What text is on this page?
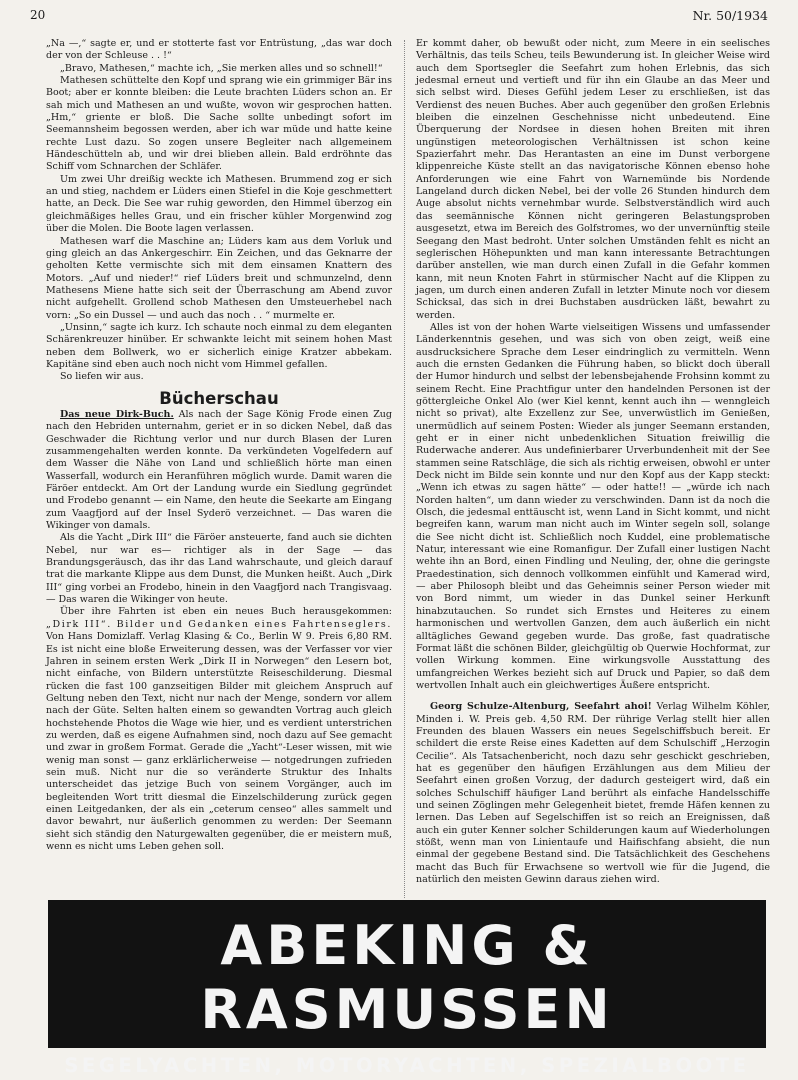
20	Nr. 50/1934

„Na —,“ sagte er, und er stotterte fast vor Entrüstung, „das war doch der von der Schleuse . . !“

„Bravo, Mathesen,“ machte ich, „Sie merken alles und so schnell!“

Mathesen schüttelte den Kopf und sprang wie ein grimmiger Bär ins Boot; aber er konnte bleiben: die Leute brachten Lüders schon an. Er sah mich und Mathesen an und wußte, wovon wir gesprochen hatten. „Hm,“ griente er bloß. Die Sache sollte unbedingt sofort im Seemannsheim begossen werden, aber ich war müde und hatte keine rechte Lust dazu. So zogen unsere Begleiter nach allgemeinem Händeschütteln ab, und wir drei blieben allein. Bald erdröhnte das Schiff vom Schnarchen der Schläfer.

Um zwei Uhr dreißig weckte ich Mathesen. Brummend zog er sich an und stieg, nachdem er Lüders einen Stiefel in die Koje geschmettert hatte, an Deck. Die See war ruhig geworden, den Himmel überzog ein gleichmäßiges helles Grau, und ein frischer kühler Morgenwind zog über die Molen. Die Boote lagen verlassen.

Mathesen warf die Maschine an; Lüders kam aus dem Vorluk und ging gleich an das Ankergeschirr. Ein Zeichen, und das Geknarre der geholten Kette vermischte sich mit dem einsamen Knattern des Motors. „Auf und nieder!“ rief Lüders breit und schmunzelnd, denn Mathesens Miene hatte sich seit der Überraschung am Abend zuvor nicht aufgehellt. Grollend schob Mathesen den Umsteuerhebel nach vorn: „So ein Dussel — und auch das noch . . “ murmelte er.

„Unsinn,“ sagte ich kurz. Ich schaute noch einmal zu dem eleganten Schärenkreuzer hinüber. Er schwankte leicht mit seinem hohen Mast neben dem Bollwerk, wo er sicherlich einige Kratzer abbekam. Kapitäne sind eben auch noch nicht vom Himmel gefallen.

So liefen wir aus.

Bücherschau

Das neue Dirk-Buch. Als nach der Sage König Frode einen Zug nach den Hebriden unternahm, geriet er in so dicken Nebel, daß das Geschwader die Richtung verlor und nur durch Blasen der Luren zusammengehalten werden konnte. Da verkündeten Vogelfedern auf dem Wasser die Nähe von Land und schließlich hörte man einen Wasserfall, wodurch ein Heranführen möglich wurde. Damit waren die Färöer entdeckt. Am Ort der Landung wurde ein Siedlung gegründet und Frodebo genannt — ein Name, den heute die Seekarte am Eingang zum Vaagfjord auf der Insel Syderö verzeichnet. — Das waren die Wikinger von damals.

Als die Yacht „Dirk III“ die Färöer ansteuerte, fand auch sie dichten Nebel, nur war es— richtiger als in der Sage — das Brandungsgeräusch, das ihr das Land wahrschaute, und gleich darauf trat die markante Klippe aus dem Dunst, die Munken heißt. Auch „Dirk III“ ging vorbei an Frodebo, hinein in den Vaagfjord nach Trangisvaag. — Das waren die Wikinger von heute.

Über ihre Fahrten ist eben ein neues Buch herausgekommen: „Dirk III“. Bilder und Gedanken eines Fahrtenseglers. Von Hans Domizlaff. Verlag Klasing & Co., Berlin W 9. Preis 6,80 RM. Es ist nicht eine bloße Erweiterung dessen, was der Verfasser vor vier Jahren in seinem ersten Werk „Dirk II in Norwegen“ den Lesern bot, nicht einfache, von Bildern unterstützte Reiseschilderung. Diesmal rücken die fast 100 ganzseitigen Bilder mit gleichem Anspruch auf Geltung neben den Text, nicht nur nach der Menge, sondern vor allem nach der Güte. Selten halten einem so gewandten Vortrag auch gleich hochstehende Photos die Wage wie hier, und es verdient unterstrichen zu werden, daß es eigene Aufnahmen sind, noch dazu auf See gemacht und zwar in großem Format. Gerade die „Yacht“-Leser wissen, mit wie wenig man sonst — ganz erklärlicherweise — notgedrungen zufrieden sein muß. Nicht nur die so veränderte Struktur des Inhalts unterscheidet das jetzige Buch von seinem Vorgänger, auch im begleitenden Wort tritt diesmal die Einzelschilderung zurück gegen einen Leitgedanken, der als ein „ceterum censeo“ alles sammelt und davor bewahrt, nur äußerlich genommen zu werden: Der Seemann sieht sich ständig den Naturgewalten gegenüber, die er meistern muß, wenn es nicht ums Leben gehen soll.

Er kommt daher, ob bewußt oder nicht, zum Meere in ein seelisches Verhältnis, das teils Scheu, teils Bewunderung ist. In gleicher Weise wird auch dem Sportsegler die Seefahrt zum hohen Erlebnis, das sich jedesmal erneut und vertieft und für ihn ein Glaube an das Meer und sich selbst wird. Dieses Gefühl jedem Leser zu erschließen, ist das Verdienst des neuen Buches. Aber auch gegenüber den großen Erlebnis bleiben die einzelnen Geschehnisse nicht unbedeutend. Eine Überquerung der Nordsee in diesen hohen Breiten mit ihren ungünstigen meteorologischen Verhältnissen ist schon keine Spazierfahrt mehr. Das Herantasten an eine im Dunst verborgene klippenreiche Küste stellt an das navigatorische Können ebenso hohe Anforderungen wie eine Fahrt von Warnemünde bis Nordende Langeland durch dicken Nebel, bei der volle 26 Stunden hindurch dem Auge absolut nichts vernehmbar wurde. Selbstverständlich wird auch das seemännische Können nicht geringeren Belastungsproben ausgesetzt, etwa im Bereich des Golfstromes, wo der unvernünftig steile Seegang den Mast bedroht. Unter solchen Umständen fehlt es nicht an seglerischen Höhepunkten und man kann interessante Betrachtungen darüber anstellen, wie man durch einen Zufall in die Gefahr kommen kann, mit neun Knoten Fahrt in stürmischer Nacht auf die Klippen zu jagen, um durch einen anderen Zufall in letzter Minute noch vor diesem Schicksal, das sich in drei Buchstaben ausdrücken läßt, bewahrt zu werden.

Alles ist von der hohen Warte vielseitigen Wissens und umfassender Länderkenntnis gesehen, und was sich von oben zeigt, weiß eine ausdrucksichere Sprache dem Leser eindringlich zu vermitteln. Wenn auch die ernsten Gedanken die Führung haben, so blickt doch überall der Humor hindurch und selbst der lebensbejahende Frohsinn kommt zu seinem Recht. Eine Prachtfigur unter den handelnden Personen ist der göttergleiche Onkel Alo (wer Kiel kennt, kennt auch ihn — wenngleich nicht so privat), alte Exzellenz zur See, unverwüstlich im Genießen, unermüdlich auf seinem Posten: Wieder als junger Seemann erstanden, geht er in einer nicht unbedenklichen Situation freiwillig die Ruderwache anderer. Aus undefinierbarer Urverbundenheit mit der See stammen seine Ratschläge, die sich als richtig erweisen, obwohl er unter Deck nicht im Bilde sein konnte und nur den Kopf aus der Kapp steckt: „Wenn ich etwas zu sagen hätte“ — oder hatte!! — „würde ich nach Norden halten“, um dann wieder zu verschwinden. Dann ist da noch die Olsch, die jedesmal enttäuscht ist, wenn Land in Sicht kommt, und nicht begreifen kann, warum man nicht auch im Winter segeln soll, solange die See nicht dicht ist. Schließlich noch Kuddel, eine problematische Natur, interessant wie eine Romanfigur. Der Zufall einer lustigen Nacht wehte ihn an Bord, einen Findling und Neuling, der, ohne die geringste Praedestination, sich dennoch vollkommen einfühlt und Kamerad wird, — aber Philosoph bleibt und das Geheimnis seiner Person wieder mit von Bord nimmt, um wieder in das Dunkel seiner Herkunft hinabzutauchen. So rundet sich Ernstes und Heiteres zu einem harmonischen und wertvollen Ganzen, dem auch äußerlich ein nicht alltägliches Gewand gegeben wurde. Das große, fast quadratische Format läßt die schönen Bilder, gleichgültig ob Querwie Hochformat, zur vollen Wirkung kommen. Eine wirkungsvolle Ausstattung des umfangreichen Werkes bezieht sich auf Druck und Papier, so daß dem wertvollen Inhalt auch ein gleichwertiges Äußere entspricht.

Georg Schulze-Altenburg, Seefahrt ahoi! Verlag Wilhelm Köhler, Minden i. W. Preis geb. 4,50 RM. Der rührige Verlag stellt hier allen Freunden des blauen Wassers ein neues Segelschiffsbuch bereit. Er schildert die erste Reise eines Kadetten auf dem Schulschiff „Herzogin Cecilie“. Als Tatsachenbericht, noch dazu sehr geschickt geschrieben, hat es gegenüber den häufigen Erzählungen aus dem Milieu der Seefahrt einen großen Vorzug, der dadurch gesteigert wird, daß ein solches Schulschiff häufiger Land berührt als einfache Handelsschiffe und seinen Zöglingen mehr Gelegenheit bietet, fremde Häfen kennen zu lernen. Das Leben auf Segelschiffen ist so reich an Ereignissen, daß auch ein guter Kenner solcher Schilderungen kaum auf Wiederholungen stößt, wenn man von Linientaufe und Haifischfang absieht, die nun einmal der gegebene Bestand sind. Die Tatsächlichkeit des Geschehens macht das Buch für Erwachsene so wertvoll wie für die Jugend, die natürlich den meisten Gewinn daraus ziehen wird.

ABEKING & RASMUSSEN
SEGELYACHTEN, MOTORYACHTEN, SPEZIALBOOTE
